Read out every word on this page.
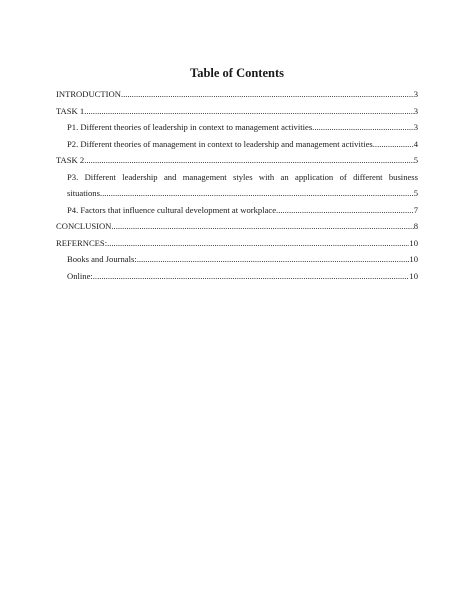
Table of Contents
INTRODUCTION .....	3
TASK 1 .....	3
P1. Different theories of leadership in context to management activities .....	3
P2. Different theories of management in context to leadership and management activities .....	4
TASK 2 .....	5
P3. Different leadership and management styles with an application of different business
situations .....	5
P4. Factors that influence cultural development at workplace .....	7
CONCLUSION .....	8
REFERNCES: .....	10
Books and Journals: .....	10
Online: .....	10
